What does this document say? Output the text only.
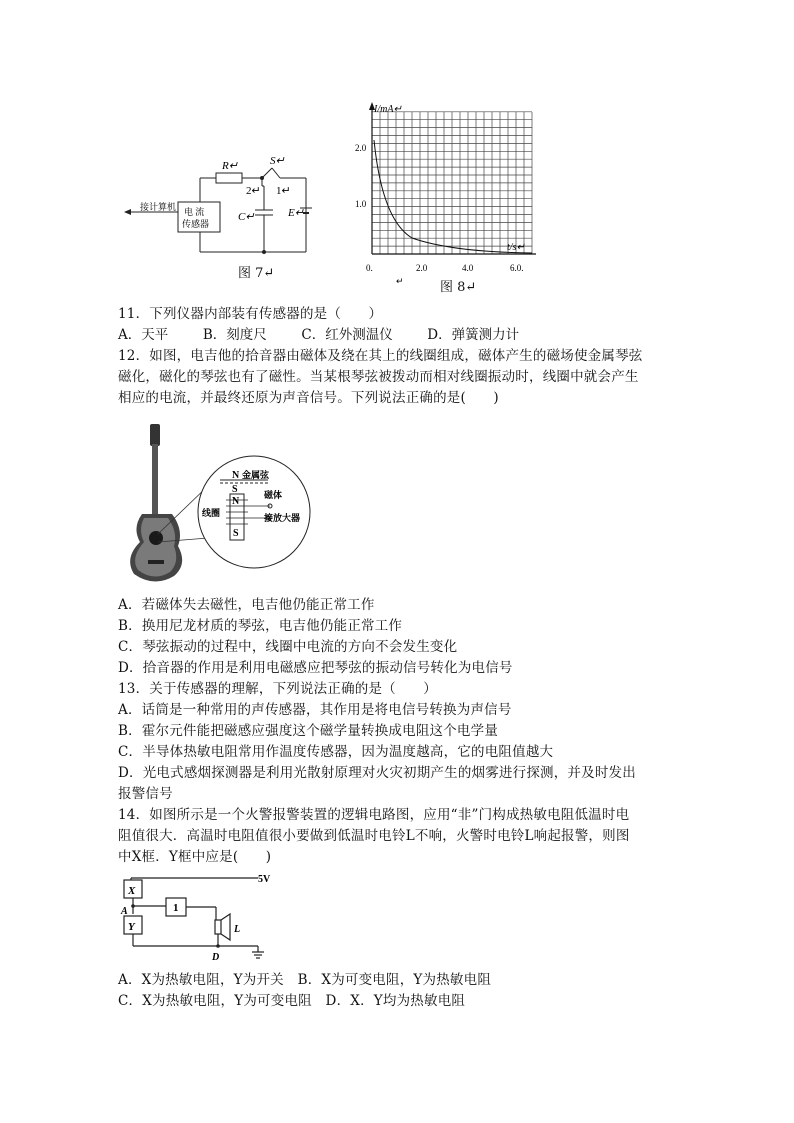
接计算机 电 流
传感器
R↵	S↵
2↵ 1↵
C↵	E↵
图 7↵
I/mA↵
t/s↵
2.0
1.0
0.	2.0	4.0	6.0.
↵	图 8↵
11．下列仪器内部装有传感器的是（　　）
A．天平	B．刻度尺	C．红外测温仪	D．弹簧测力计
12．如图，电吉他的拾音器由磁体及绕在其上的线圈组成，磁体产生的磁场使金属琴弦
磁化，磁化的琴弦也有了磁性。当某根琴弦被拨动而相对线圈振动时，线圈中就会产生
相应的电流，并最终还原为声音信号。下列说法正确的是(　　)
N 金属弦
S
N
磁体
线圈	接放大器
S
A．若磁体失去磁性，电吉他仍能正常工作
B．换用尼龙材质的琴弦，电吉他仍能正常工作
C．琴弦振动的过程中，线圈中电流的方向不会发生变化
D．拾音器的作用是利用电磁感应把琴弦的振动信号转化为电信号
13．关于传感器的理解，下列说法正确的是（　　）
A．话筒是一种常用的声传感器，其作用是将电信号转换为声信号
B．霍尔元件能把磁感应强度这个磁学量转换成电阻这个电学量
C．半导体热敏电阻常用作温度传感器，因为温度越高，它的电阻值越大
D．光电式感烟探测器是利用光散射原理对火灾初期产生的烟雾进行探测，并及时发出
报警信号
14．如图所示是一个火警报警装置的逻辑电路图，应用“非”门构成热敏电阻低温时电
阻值很大．高温时电阻值很小要做到低温时电铃L不响，火警时电铃L响起报警，则图
中X框．Y框中应是(　　)
X
Y
1
5V
A
D
L
A．X为热敏电阻，Y为开关　B．X为可变电阻，Y为热敏电阻
C．X为热敏电阻，Y为可变电阻　D．X．Y均为热敏电阻
